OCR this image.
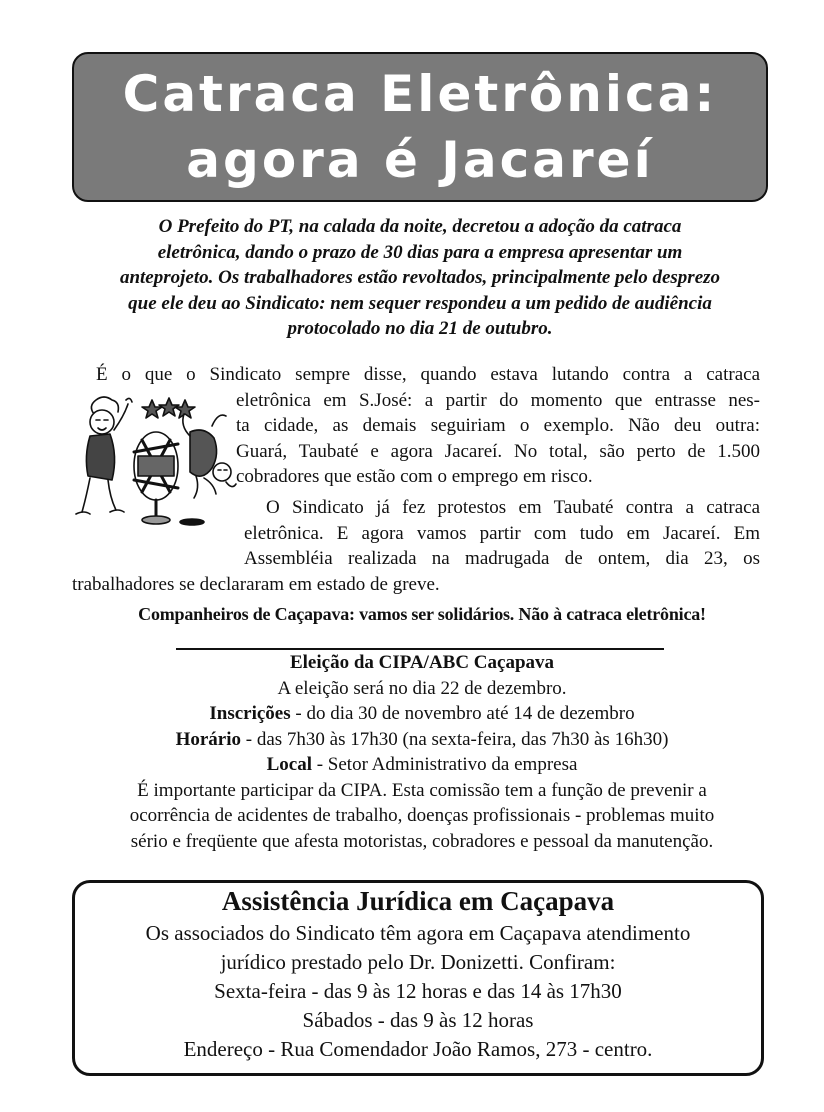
Catraca Eletrônica:
agora é Jacareí

O Prefeito do PT, na calada da noite, decretou a adoção da catraca

eletrônica, dando o prazo de 30 dias para a empresa apresentar um

anteprojeto. Os trabalhadores estão revoltados, principalmente pelo desprezo

que ele deu ao Sindicato: nem sequer respondeu a um pedido de audiência

protocolado no dia 21 de outubro.

É o que o Sindicato sempre disse, quando estava lutando contra a catraca
eletrônica em S.José: a partir do momento que entrasse nes-
ta cidade, as demais seguiriam o exemplo. Não deu outra:
Guará, Taubaté e agora Jacareí. No total, são perto de 1.500
cobradores que estão com o emprego em risco.
O Sindicato já fez protestos em Taubaté contra a catraca
eletrônica. E agora vamos partir com tudo em Jacareí. Em
Assembléia realizada na madrugada de ontem, dia 23, os
trabalhadores se declararam em estado de greve.
Companheiros de Caçapava: vamos ser solidários. Não à catraca eletrônica!

Eleição da CIPA/ABC Caçapava

A eleição será no dia 22 de dezembro.

Inscrições - do dia 30 de novembro até 14 de dezembro

Horário - das 7h30 às 17h30 (na sexta-feira, das 7h30 às 16h30)

Local - Setor Administrativo da empresa

É importante participar da CIPA. Esta comissão tem a função de prevenir a

ocorrência de acidentes de trabalho, doenças profissionais - problemas muito

sério e freqüente que afesta motoristas, cobradores e pessoal da manutenção.

Assistência Jurídica em Caçapava

Os associados do Sindicato têm agora em Caçapava atendimento

jurídico prestado pelo Dr. Donizetti. Confiram:

Sexta-feira - das 9 às 12 horas e das 14 às 17h30

Sábados - das 9 às 12 horas

Endereço - Rua Comendador João Ramos, 273 - centro.
